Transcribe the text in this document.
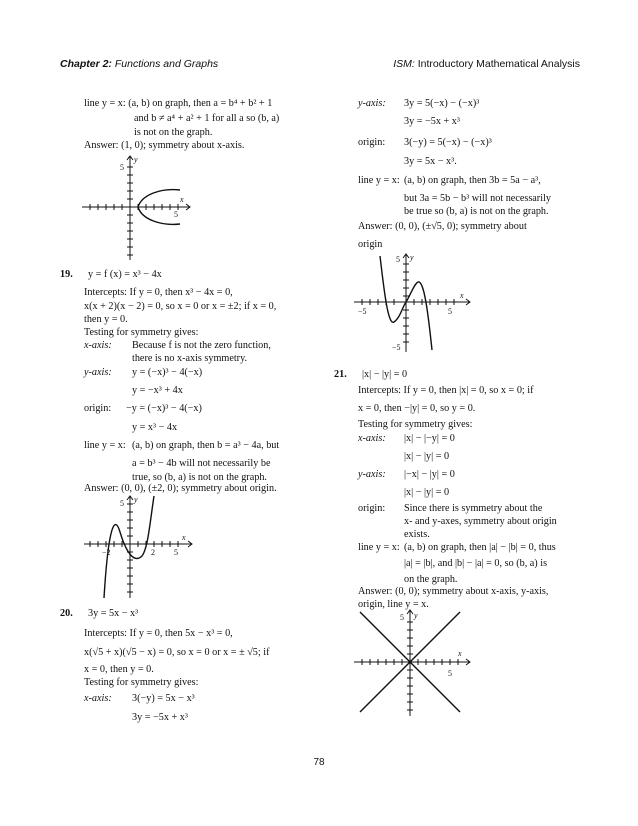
Chapter 2: Functions and Graphs	ISM: Introductory Mathematical Analysis
line y = x: (a, b) on graph, then a = b⁴ + b² + 1
and b ≠ a⁴ + a² + 1 for all a so (b, a)
is not on the graph.
Answer: (1, 0); symmetry about x-axis.
19. y = f (x) = x³ − 4x
Intercepts: If y = 0, then x³ − 4x = 0,
x(x + 2)(x − 2) = 0, so x = 0 or x = ±2; if x = 0,
then y = 0.
Testing for symmetry gives:
x-axis: Because f is not the zero function,
there is no x-axis symmetry.
y-axis: y = (−x)³ − 4(−x)
y = −x³ + 4x
origin: −y = (−x)³ − 4(−x)
y = x³ − 4x
line y = x: (a, b) on graph, then b = a³ − 4a, but
a = b³ − 4b will not necessarily be
true, so (b, a) is not on the graph.
Answer: (0, 0), (±2, 0); symmetry about origin.
20. 3y = 5x − x³
Intercepts: If y = 0, then 5x − x³ = 0,
x(√5 + x)(√5 − x) = 0, so x = 0 or x = ± √5; if
x = 0, then y = 0.
Testing for symmetry gives:
x-axis: 3(−y) = 5x − x³
3y = −5x + x³
y-axis: 3y = 5(−x) − (−x)³
3y = −5x + x³
origin: 3(−y) = 5(−x) − (−x)³
3y = 5x − x³.
line y = x: (a, b) on graph, then 3b = 5a − a³,
but 3a = 5b − b³ will not necessarily
be true so (b, a) is not on the graph.
Answer: (0, 0), (±√5, 0); symmetry about
origin
21. |x| − |y| = 0
Intercepts: If y = 0, then |x| = 0, so x = 0; if
x = 0, then −|y| = 0, so y = 0.
Testing for symmetry gives:
x-axis: |x| − |−y| = 0
|x| − |y| = 0
y-axis: |−x| − |y| = 0
|x| − |y| = 0
origin: Since there is symmetry about the
x- and y-axes, symmetry about origin
exists.
line y = x: (a, b) on graph, then |a| − |b| = 0, thus
|a| = |b|, and |b| − |a| = 0, so (b, a) is
on the graph.
Answer: (0, 0); symmetry about x-axis, y-axis,
origin, line y = x.
5
5
x
y
5
−2	2 5
x
y
5
−5
−5	5
x
y
5
5
x
y
78
